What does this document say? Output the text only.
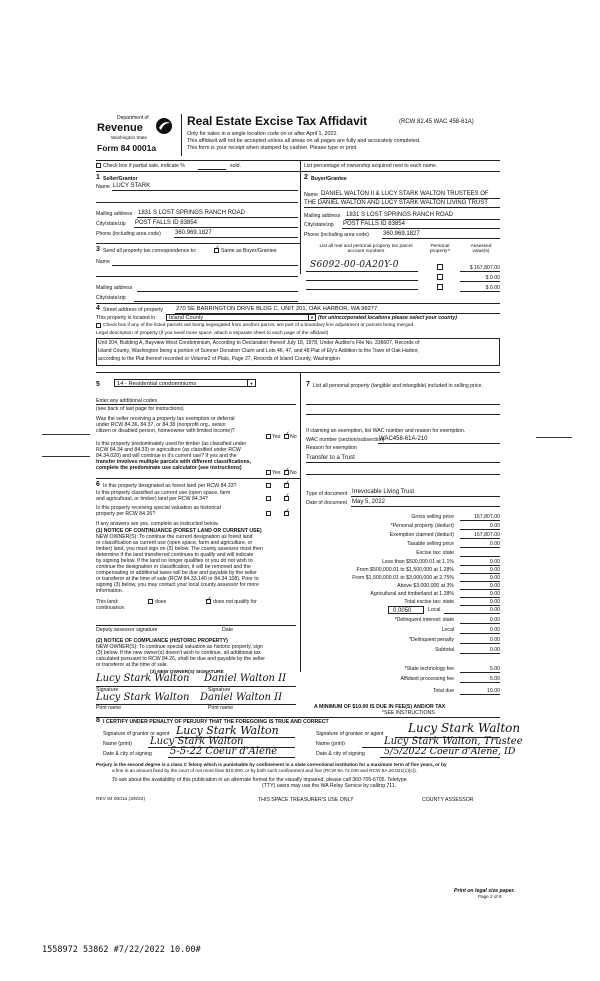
Department of
Revenue
Washington State
Form 84 0001a
Real Estate Excise Tax Affidavit	(RCW 82.45 WAC 458-61A)
Only for sales in a single location code on or after April 1, 2022.
This affidavit will not be accepted unless all areas on all pages are fully and accurately completed.
This form is your receipt when stamped by cashier. Please type or print.
Check box if partial sale, indicate %	sold.	List percentage of ownership acquired next to each name.
1 Seller/Grantor
Name LUCY STARK
Mailing address 1831 S LOST SPRINGS RANCH ROAD
City/state/zip POST FALLS ID 83854
Phone (including area code) 360.969.1827
2 Buyer/Grantee
Name DANIEL WALTON II & LUCY STARK WALTON TRUSTEES OF
THE DANIEL WALTON AND LUCY STARK WALTON LIVING TRUST
Mailing address 1831 S LOST SPRINGS RANCH ROAD
City/state/zip POST FALLS ID 83854
Phone (including area code) 360.969.1827
3 Send all property tax correspondence to:	✓ Same as Buyer/Grantee
Name
Mailing address
City/state/zip
List all real and personal property tax parcel account numbers
Personal property?
Assessed value(s)
S6092-00-0A20Y-0	$ 167,807.00
$ 0.00
$ 0.00
4 Street address of property 270 SE BARRINGTON DRIVE BLDG C, UNIT 201, OAK HARBOR, WA 98277
This property is located in Island County	▼ (for unincorporated locations please select your county)
Check box if any of the listed parcels are being segregated from another parcel, are part of a boundary line adjustment or parcels being merged.
Legal description of property (if you need more space, attach a separate sheet to each page of the affidavit)
Unit 204, Building A, Bayview West Condominium, According to Declaration thereof July 18, 1978, Under Auditor's File No. 336607, Records of
Island County, Washington being a portion of Sumner Donation Claim and Lots 46, 47, and 48 Plat of Ely's Addition to the Town of Oak Harbor,
according to the Plat thereof recorded or Volume2 of Plats, Page 27, Reocrds of Island County, Washington
5	14 - Residential condominiums	▼
Enter any additional codes
(see back of last page for instructions)
Was the seller receiving a property tax exemption or deferral
under RCW 84.36, 84.37, or 84.38 (nonprofit org., senior
citizen or disabled person, homeowner with limited income)?
Yes ✓ No
Is this property predominately used for timber (as classified under
RCW 84.34 and 84.33) or agriculture (as classified under RCW
84.34.020) and will continue in it's current use? If yes and the
transfer involves multiple parcels with different classifications,
complete the predominate use calculator (see instructions)
Yes ✓ No
6 Is this property designated as forest land per RCW 84.33?	✓
Is this property classified as current use (open space, farm
and agricultural, or timber) land per RCW 84.34?	✓
Is this property receiving special valuation as historical
property per RCW 84.26?	✓
If any answers are yes, complete as instructed below.
(1) NOTICE OF CONTINUANCE (FOREST LAND OR CURRENT USE)
NEW OWNER(S): To continue the current designation as forest land
or classification as current use (open space, farm and agriculture, or
timber) land, you must sign on (3) below. The county assessor must then
determine if the land transferred continues to qualify and will indicate
by signing below. If the land no longer qualifies or you do not wish to
continue the designation or classification, it will be removed and the
compensating or additional taxes will be due and payable by the seller
or transferor at the time of sale (RCW 84.33.140 or 84.34.108). Prior to
signing (3) below, you may contact your local county assessor for more
information.
This land:	does	✓ does not qualify for
continuance.
Deputy assessor signature	Date
(2) NOTICE OF COMPLIANCE (HISTORIC PROPERTY)
NEW OWNER(S): To continue special valuation as historic property, sign
(3) below. If the new owner(s) doesn't wish to continue, all additional tax
calculated pursuant to RCW 84.26, shall be due and payable by the seller
or transferor at the time of sale.
(3) NEW OWNER(S) SIGNATURE
Lucy Stark Walton Daniel Walton II
Signature	Signature
Lucy Stark Walton Daniel Walton II
Print name	Print name
7 List all personal property (tangible and intangible) included in selling price.
If claiming an exemption, list WAC number and reason for exemption.
WAC number (section/subsection)
WAC458-61A-210
Reason for exemption
Transfer to a Trust
Type of document Irrevocable Living Trust
Date of document May 5, 2022
Gross selling price	167,807.00
*Personal property (deduct)	0.00
Exemption claimed (deduct)	167,807.00
Taxable selling price	0.00
Excise tax: state
Less than $500,000.01 at 1.1%	0.00
From $500,000.01 to $1,500,000 at 1.28%	0.00
From $1,500,000.01 to $3,000,000 at 2.75%	0.00
Above $3,000,000 at 3%	0.00
Agricultural and timberland at 1.28%	0.00
Total excise tax: state	0.00
*Delinquent interest: state	0.00
Local	0.00
*Delinquent penalty	0.00
Subtotal	0.00
*State technology fee	5.00
Affidavit processing fee	5.00
Total due	10.00
0.0050	Local	0.00
A MINIMUM OF $10.00 IS DUE IN FEE(S) AND/OR TAX
*SEE INSTRUCTIONS
8 I CERTIFY UNDER PENALTY OF PERJURY THAT THE FOREGOING IS TRUE AND CORRECT
Signature of grantor or agent Lucy Stark Walton
Name (print) Lucy Stark Walton
Date & city of signing 5-5-22 Coeur d'Alene
Signature of grantee or agent Lucy Stark Walton
Name (print)	Lucy Stark Walton, Trustee
Date & city of signing 5/5/2022 Coeur d'Alene, ID
Perjury in the second degree is a class C felony which is punishable by confinement in a state correctional institution for a maximum term of five years, or by
a fine in an amount fixed by the court of not more than $10,000, or by both such confinement and fine (RCW 9A.72.030 and RCW 9A.20.021(1)(c)).
To ask about the availability of this publication in an alternate format for the visually impaired, please call 360-705-6705. Teletype
(TTY) users may use the WA Relay Service by calling 711.
REV 84 0001a (3/8/22)	THIS SPACE TREASURER'S USE ONLY	COUNTY ASSESSOR
Print on legal size paper.
Page 2 of 6
1558972 53862 #7/22/2022 10.00#
